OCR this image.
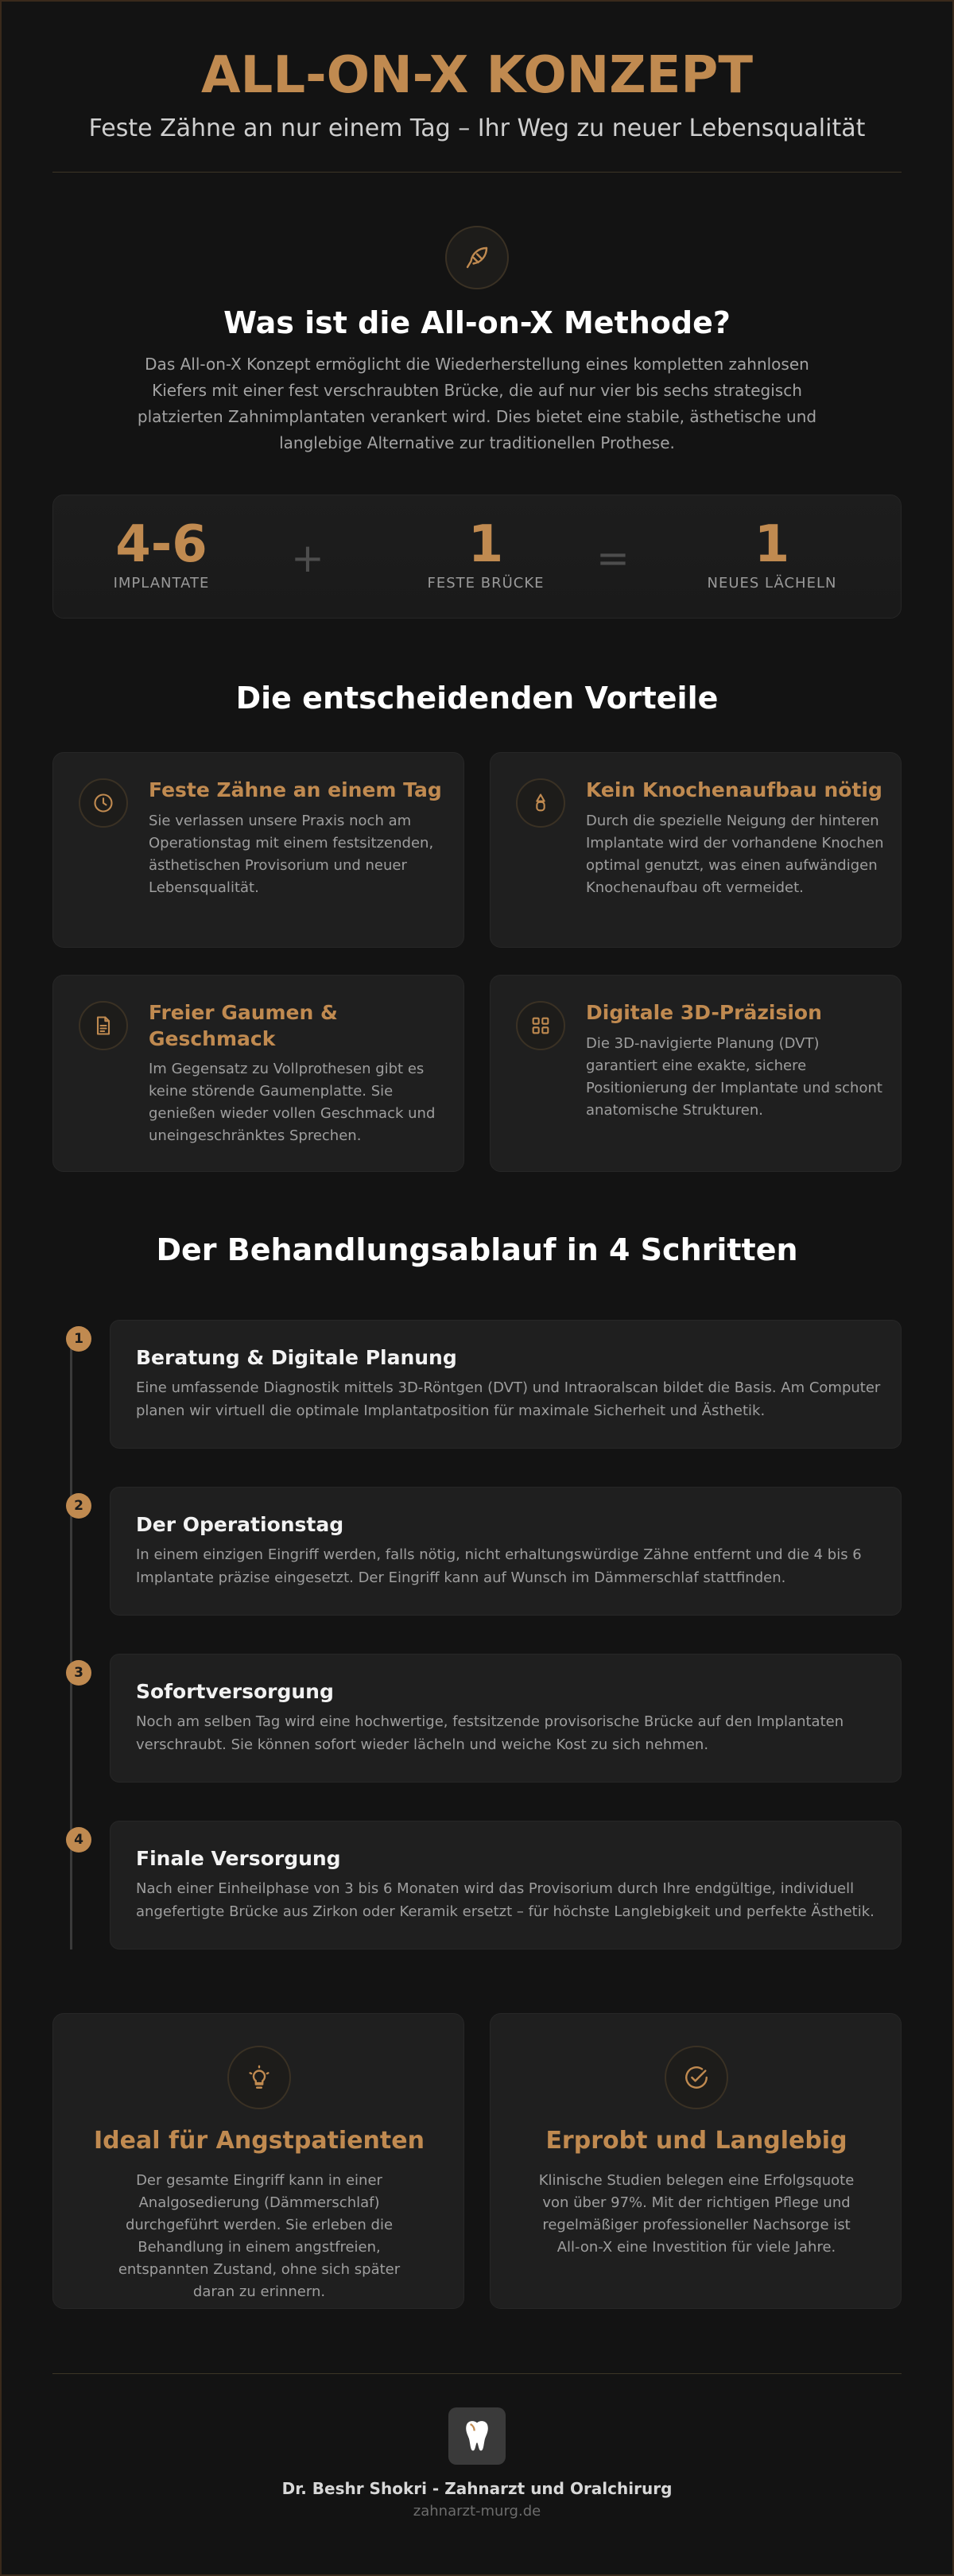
ALL-ON-X KONZEPT
Feste Zähne an nur einem Tag – Ihr Weg zu neuer Lebensqualität
Was ist die All-on-X Methode?

Das All-on-X Konzept ermöglicht die Wiederherstellung eines kompletten zahnlosen Kiefers mit einer fest verschraubten Brücke, die auf nur vier bis sechs strategisch platzierten Zahnimplantaten verankert wird. Dies bietet eine stabile, ästhetische und langlebige Alternative zur traditionellen Prothese.

4-6
IMPLANTATE
+	1
FESTE BRÜCKE
=	1
NEUES LÄCHELN
Die entscheidenden Vorteile
Feste Zähne an einem Tag
Sie verlassen unsere Praxis noch am Operationstag mit einem festsitzenden, ästhetischen Provisorium und neuer Lebensqualität.
Kein Knochenaufbau nötig
Durch die spezielle Neigung der hinteren Implantate wird der vorhandene Knochen optimal genutzt, was einen aufwändigen Knochenaufbau oft vermeidet.
Freier Gaumen & Geschmack
Im Gegensatz zu Vollprothesen gibt es keine störende Gaumenplatte. Sie genießen wieder vollen Geschmack und uneingeschränktes Sprechen.
Digitale 3D-Präzision
Die 3D-navigierte Planung (DVT) garantiert eine exakte, sichere Positionierung der Implantate und schont anatomische Strukturen.
Der Behandlungsablauf in 4 Schritten
1
Beratung & Digitale Planung
Eine umfassende Diagnostik mittels 3D-Röntgen (DVT) und Intraoralscan bildet die Basis. Am Computer planen wir virtuell die optimale Implantatposition für maximale Sicherheit und Ästhetik.
2
Der Operationstag
In einem einzigen Eingriff werden, falls nötig, nicht erhaltungswürdige Zähne entfernt und die 4 bis 6 Implantate präzise eingesetzt. Der Eingriff kann auf Wunsch im Dämmerschlaf stattfinden.
3
Sofortversorgung
Noch am selben Tag wird eine hochwertige, festsitzende provisorische Brücke auf den Implantaten verschraubt. Sie können sofort wieder lächeln und weiche Kost zu sich nehmen.
4
Finale Versorgung
Nach einer Einheilphase von 3 bis 6 Monaten wird das Provisorium durch Ihre endgültige, individuell angefertigte Brücke aus Zirkon oder Keramik ersetzt – für höchste Langlebigkeit und perfekte Ästhetik.
Ideal für Angstpatienten
Der gesamte Eingriff kann in einer Analgosedierung (Dämmerschlaf) durchgeführt werden. Sie erleben die Behandlung in einem angstfreien, entspannten Zustand, ohne sich später daran zu erinnern.
Erprobt und Langlebig
Klinische Studien belegen eine Erfolgsquote von über 97%. Mit der richtigen Pflege und regelmäßiger professioneller Nachsorge ist All-on-X eine Investition für viele Jahre.
Dr. Beshr Shokri - Zahnarzt und Oralchirurg
zahnarzt-murg.de
